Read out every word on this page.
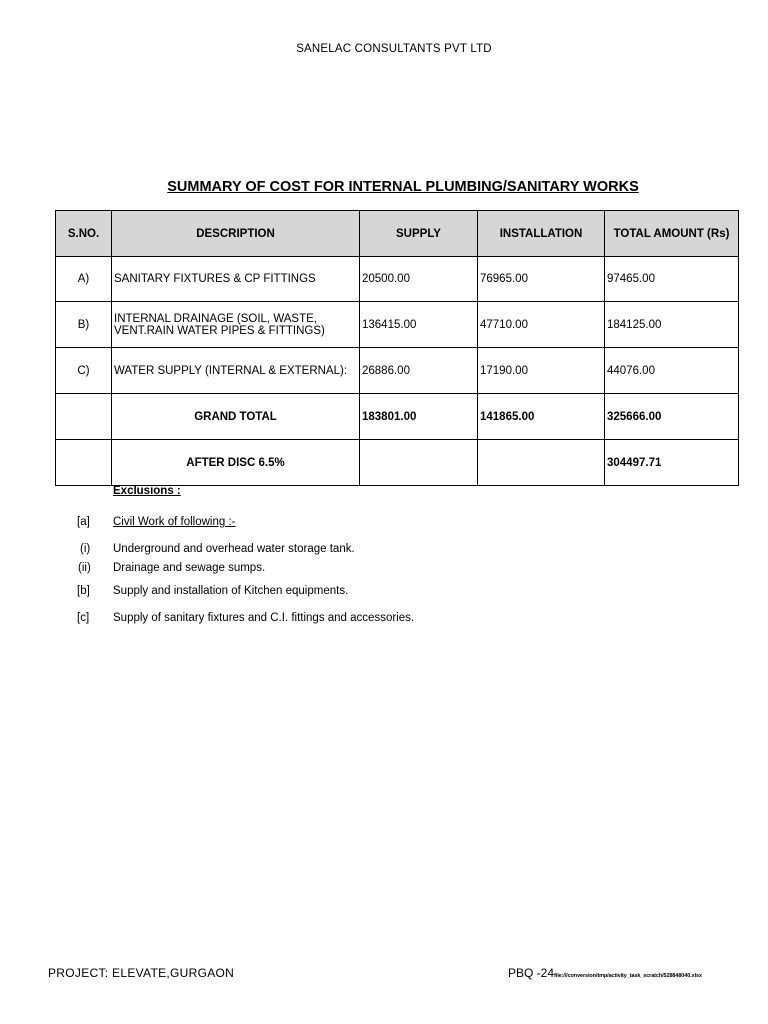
SANELAC CONSULTANTS PVT LTD
SUMMARY OF COST FOR INTERNAL PLUMBING/SANITARY WORKS
S.NO.	DESCRIPTION	SUPPLY	INSTALLATION	TOTAL AMOUNT (Rs)
A)	SANITARY FIXTURES & CP FITTINGS	20500.00	76965.00	97465.00
B)	INTERNAL DRAINAGE (SOIL, WASTE, VENT.RAIN WATER PIPES & FITTINGS)	136415.00	47710.00	184125.00
C)	WATER SUPPLY (INTERNAL & EXTERNAL):	26886.00	17190.00	44076.00
	GRAND TOTAL	183801.00	141865.00	325666.00
	AFTER DISC 6.5%			304497.71
Exclusions :
[a]	Civil Work of following :-
(i)	Underground and overhead water storage tank.
(ii)	Drainage and sewage sumps.
[b]	Supply and installation of Kitchen equipments.
[c]	Supply of sanitary fixtures and C.I. fittings and accessories.
PROJECT: ELEVATE,GURGAON	PBQ -24file:///conversion/tmp/activity_task_scratch/528848040.xlsx
